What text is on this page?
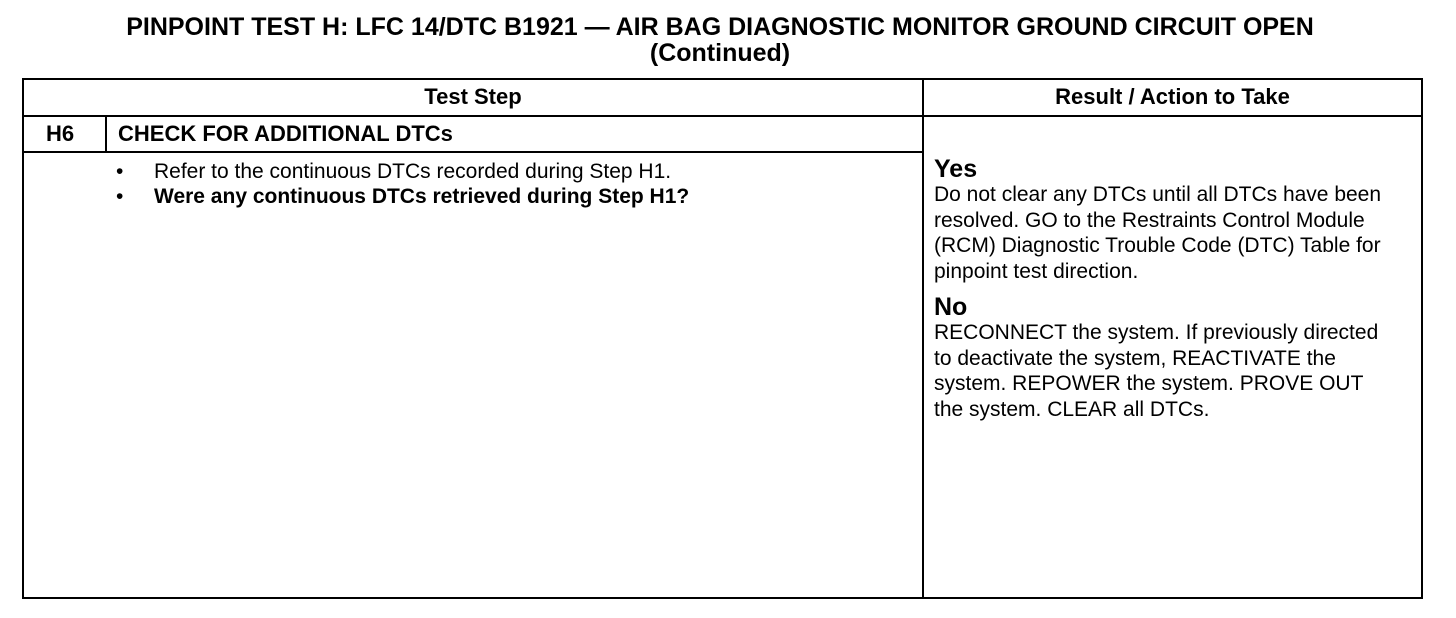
PINPOINT TEST H: LFC 14/DTC B1921 — AIR BAG DIAGNOSTIC MONITOR GROUND CIRCUIT OPEN
(Continued)
Test Step	Result / Action to Take
H6 CHECK FOR ADDITIONAL DTCs
•	Refer to the continuous DTCs recorded during Step H1.
•	Were any continuous DTCs retrieved during Step H1?
Yes
Do not clear any DTCs until all DTCs have been resolved. GO to the Restraints Control Module (RCM) Diagnostic Trouble Code (DTC) Table for pinpoint test direction.
No
RECONNECT the system. If previously directed to deactivate the system, REACTIVATE the system. REPOWER the system. PROVE OUT the system. CLEAR all DTCs.
